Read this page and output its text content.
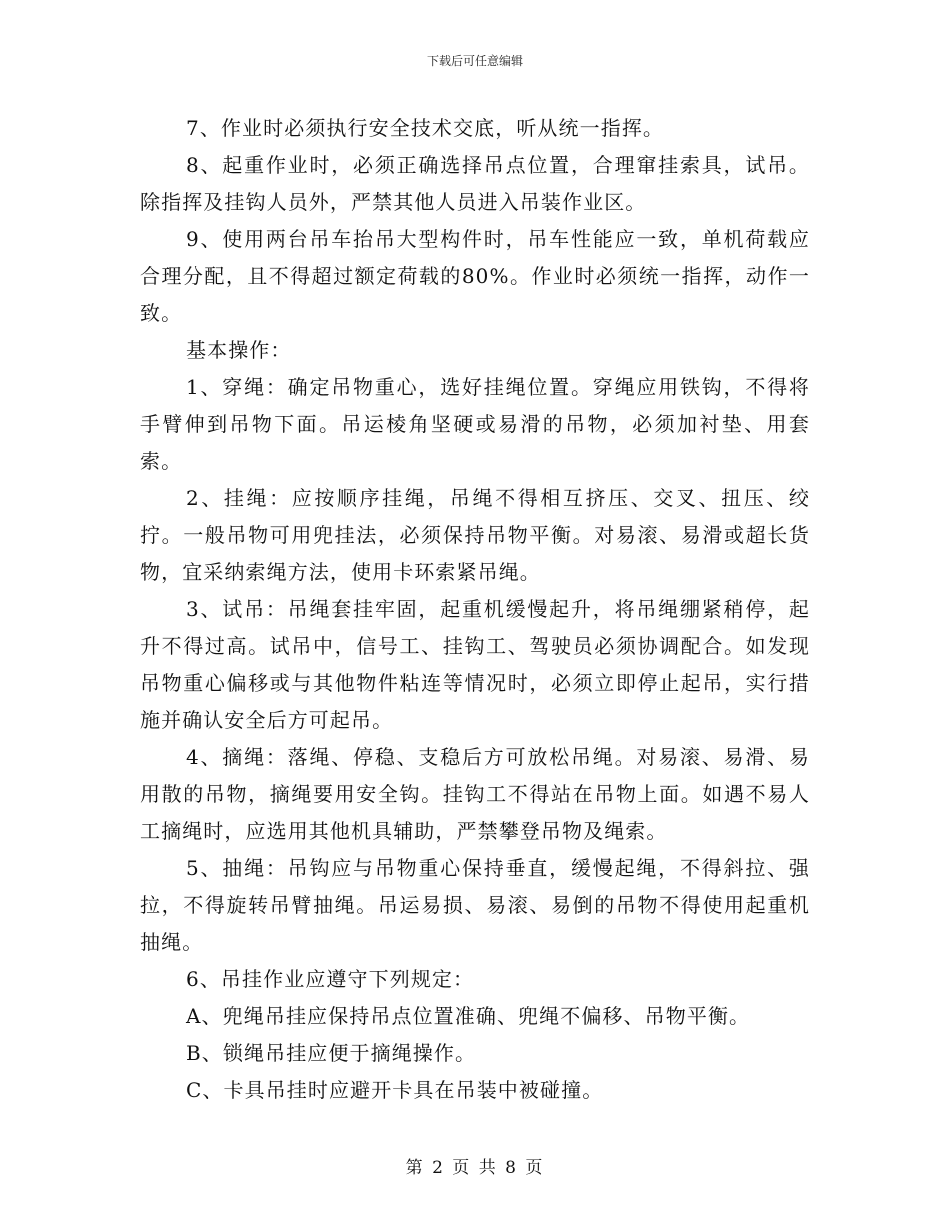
下载后可任意编辑

7、作业时必须执行安全技术交底，听从统一指挥。

8、起重作业时，必须正确选择吊点位置，合理窜挂索具，试吊。除指挥及挂钩人员外，严禁其他人员进入吊装作业区。

9、使用两台吊车抬吊大型构件时，吊车性能应一致，单机荷载应合理分配，且不得超过额定荷载的80%。作业时必须统一指挥，动作一致。

基本操作：

1、穿绳：确定吊物重心，选好挂绳位置。穿绳应用铁钩，不得将手臂伸到吊物下面。吊运棱角坚硬或易滑的吊物，必须加衬垫、用套索。

2、挂绳：应按顺序挂绳，吊绳不得相互挤压、交叉、扭压、绞拧。一般吊物可用兜挂法，必须保持吊物平衡。对易滚、易滑或超长货物，宜采纳索绳方法，使用卡环索紧吊绳。

3、试吊：吊绳套挂牢固，起重机缓慢起升，将吊绳绷紧稍停，起升不得过高。试吊中，信号工、挂钩工、驾驶员必须协调配合。如发现吊物重心偏移或与其他物件粘连等情况时，必须立即停止起吊，实行措施并确认安全后方可起吊。

4、摘绳：落绳、停稳、支稳后方可放松吊绳。对易滚、易滑、易用散的吊物，摘绳要用安全钩。挂钩工不得站在吊物上面。如遇不易人工摘绳时，应选用其他机具辅助，严禁攀登吊物及绳索。

5、抽绳：吊钩应与吊物重心保持垂直，缓慢起绳，不得斜拉、强拉，不得旋转吊臂抽绳。吊运易损、易滚、易倒的吊物不得使用起重机抽绳。

6、吊挂作业应遵守下列规定：

A、兜绳吊挂应保持吊点位置准确、兜绳不偏移、吊物平衡。

B、锁绳吊挂应便于摘绳操作。

C、卡具吊挂时应避开卡具在吊装中被碰撞。

第 2 页 共 8 页
